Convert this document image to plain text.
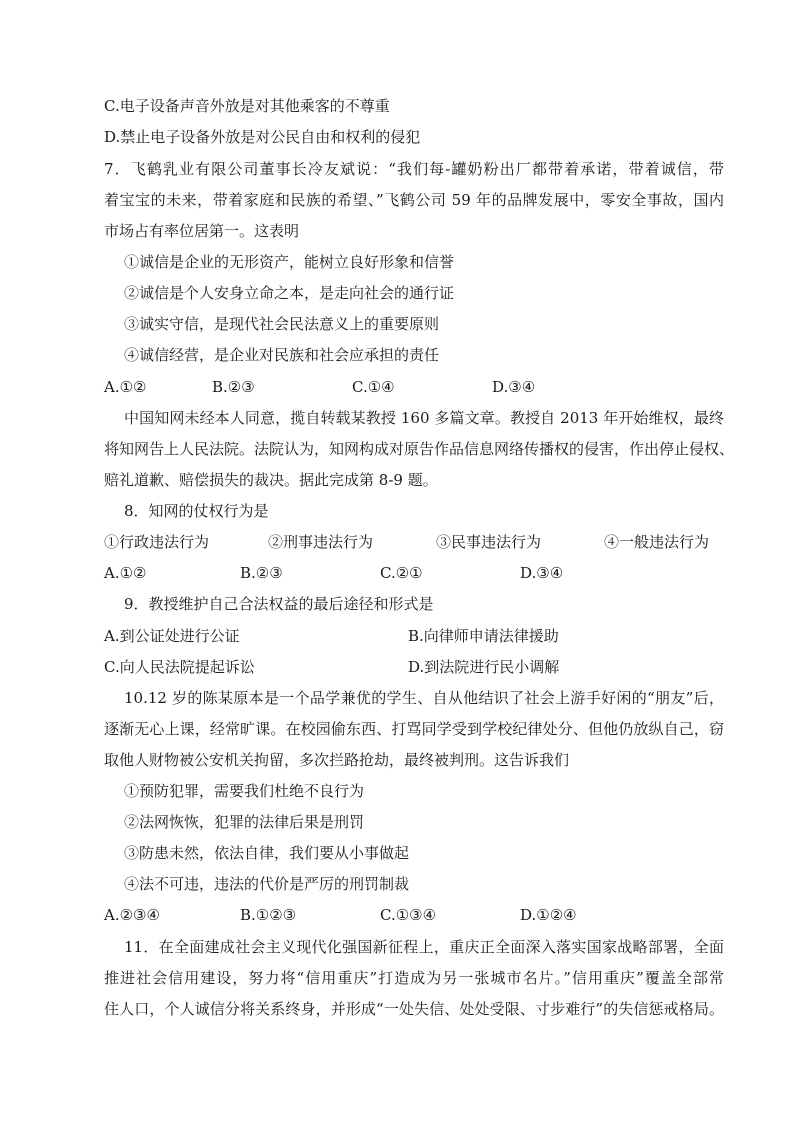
C.电子设备声音外放是对其他乘客的不尊重
D.禁止电子设备外放是对公民自由和权利的侵犯
7．飞鹤乳业有限公司董事长冷友斌说：“我们每-罐奶粉出厂都带着承诺，带着诚信，带
着宝宝的未来，带着家庭和民族的希望、”飞鹤公司 59 年的品牌发展中，零安全事故，国内
市场占有率位居第一。这表明
①诚信是企业的无形资产，能树立良好形象和信誉
②诚信是个人安身立命之本，是走向社会的通行证
③诚实守信，是现代社会民法意义上的重要原则
④诚信经营，是企业对民族和社会应承担的责任
A.①②	B.②③	C.①④	D.③④
中国知网未经本人同意，揽自转载某教授 160 多篇文章。教授自 2013 年开始维权，最终
将知网告上人民法院。法院认为，知网构成对原告作品信息网络传播权的侵害，作出停止侵权、
赔礼道歉、赔偿损失的裁决。据此完成第 8-9 题。
8．知网的仗权行为是
①行政违法行为	②刑事违法行为	③民事违法行为	④一般违法行为
A.①②	B.②③	C.②①	D.③④
9．教授维护自己合法权益的最后途径和形式是
A.到公证处进行公证	B.向律师申请法律援助
C.向人民法院提起诉讼	D.到法院进行民小调解
10.12 岁的陈某原本是一个品学兼优的学生、自从他结识了社会上游手好闲的“朋友”后，
逐渐无心上课，经常旷课。在校园偷东西、打骂同学受到学校纪律处分、但他仍放纵自己，窃
取他人财物被公安机关拘留，多次拦路抢劫，最终被判刑。这告诉我们
①预防犯罪，需要我们杜绝不良行为
②法网恢恢，犯罪的法律后果是刑罚
③防患未然，依法自律，我们要从小事做起
④法不可违，违法的代价是严厉的刑罚制裁
A.②③④	B.①②③	C.①③④	D.①②④
11．在全面建成社会主义现代化强国新征程上，重庆正全面深入落实国家战略部署，全面
推进社会信用建设，努力将“信用重庆”打造成为另一张城市名片。”信用重庆”覆盖全部常
住人口，个人诚信分将关系终身，并形成“一处失信、处处受限、寸步难行”的失信惩戒格局。
